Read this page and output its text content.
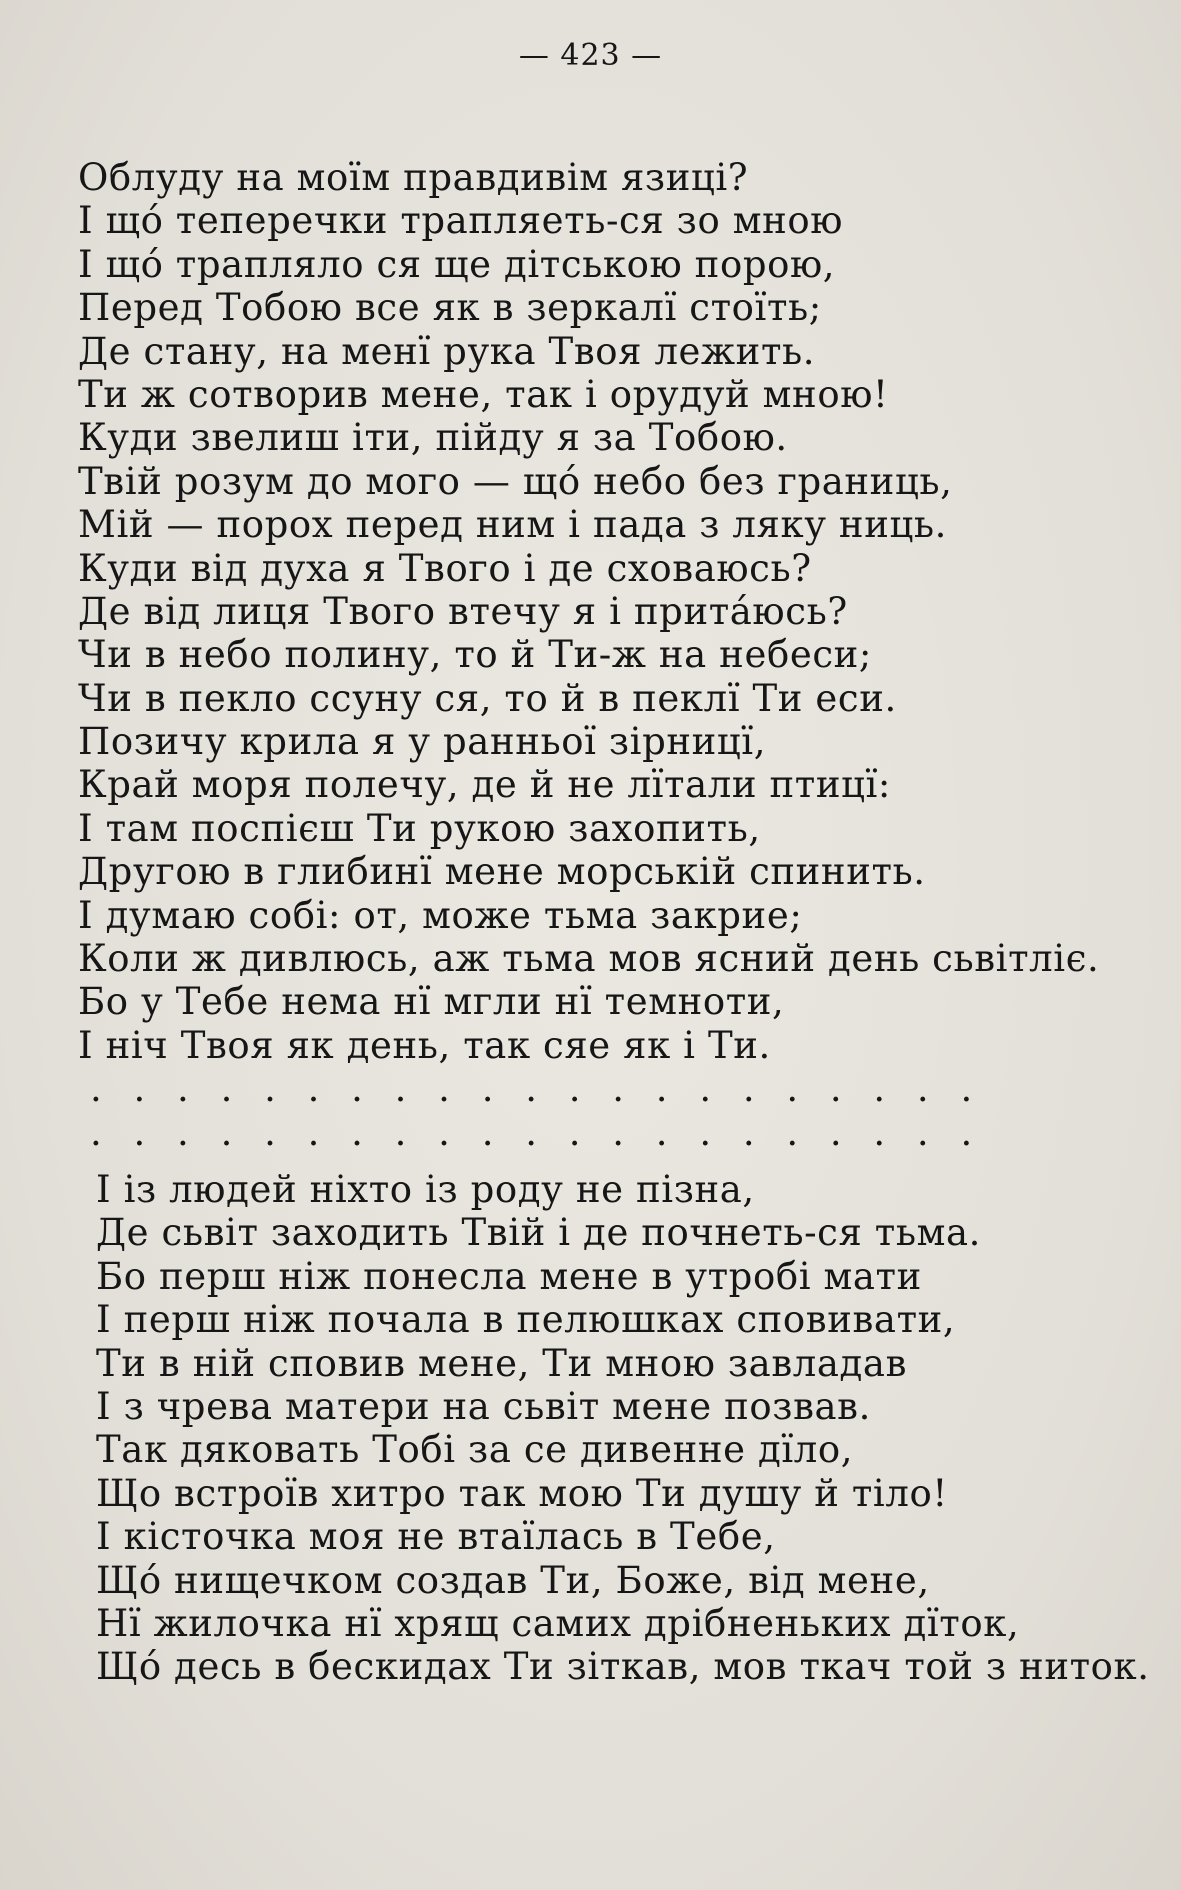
— 423 —
Облуду на моїм правдивім язиці?
І що́ теперечки трапляеть-ся зо мною
І що́ трапляло ся ще дітською порою,
Перед Тобою все як в зеркалї стоїть;
Де стану, на менї рука Твоя лежить.
Ти ж сотворив мене, так і орудуй мною!
Куди звелиш іти, пійду я за Тобою.
Твій розум до мого — що́ небо без границь,
Мій — порох перед ним і пада з ляку ниць.
Куди від духа я Твого і де сховаюсь?
Де від лиця Твого втечу я і прита́юсь?
Чи в небо полину, то й Ти-ж на небеси;
Чи в пекло ссуну ся, то й в пеклї Ти еси.
Позичу крила я у ранньої зірницї,
Край моря полечу, де й не лїтали птицї:
І там поспієш Ти рукою захопить,
Другою в глибинї мене морській спинить.
І думаю собі: от, може тьма закрие;
Коли ж дивлюсь, аж тьма мов ясний день сьвітліє.
Бо у Тебе нема нї мгли нї темноти,
І ніч Твоя як день, так сяе як і Ти.
. . . . . . . . . . . . . . . . . . . . .
. . . . . . . . . . . . . . . . . . . . .
І із людей ніхто із роду не пізна,
Де сьвіт заходить Твій і де почнеть-ся тьма.
Бо перш ніж понесла мене в утробі мати
І перш ніж почала в пелюшках сповивати,
Ти в ній сповив мене, Ти мною завладав
І з чрева матери на сьвіт мене позвав.
Так дяковать Тобі за се дивенне дїло,
Що встроїв хитро так мою Ти душу й тіло!
І кісточка моя не втаїлась в Тебе,
Що́ нищечком создав Ти, Боже, від мене,
Нї жилочка нї хрящ самих дрібненьких дїток,
Що́ десь в бескидах Ти зіткав, мов ткач той з ниток.
